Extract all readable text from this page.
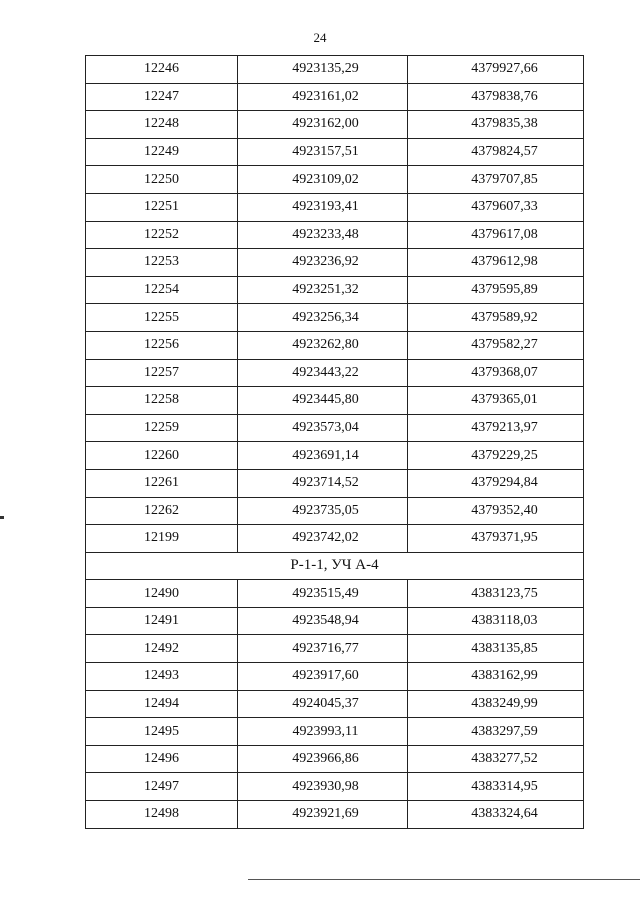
24
12246	4923135,29	4379927,66
12247	4923161,02	4379838,76
12248	4923162,00	4379835,38
12249	4923157,51	4379824,57
12250	4923109,02	4379707,85
12251	4923193,41	4379607,33
12252	4923233,48	4379617,08
12253	4923236,92	4379612,98
12254	4923251,32	4379595,89
12255	4923256,34	4379589,92
12256	4923262,80	4379582,27
12257	4923443,22	4379368,07
12258	4923445,80	4379365,01
12259	4923573,04	4379213,97
12260	4923691,14	4379229,25
12261	4923714,52	4379294,84
12262	4923735,05	4379352,40
12199	4923742,02	4379371,95
Р-1-1, УЧ А-4		
12490	4923515,49	4383123,75
12491	4923548,94	4383118,03
12492	4923716,77	4383135,85
12493	4923917,60	4383162,99
12494	4924045,37	4383249,99
12495	4923993,11	4383297,59
12496	4923966,86	4383277,52
12497	4923930,98	4383314,95
12498	4923921,69	4383324,64
